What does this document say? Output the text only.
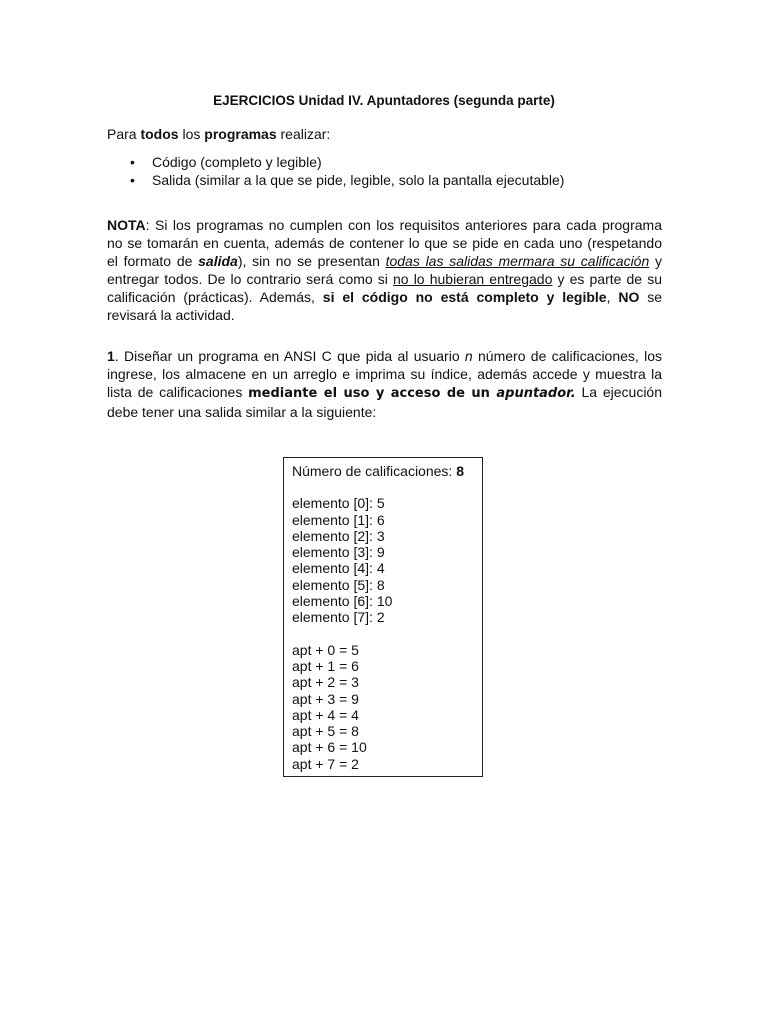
EJERCICIOS Unidad IV. Apuntadores (segunda parte)
Para todos los programas realizar:
• Código (completo y legible)
• Salida (similar a la que se pide, legible, solo la pantalla ejecutable)
NOTA: Si los programas no cumplen con los requisitos anteriores para cada programa no se tomarán en cuenta, además de contener lo que se pide en cada uno (respetando el formato de salida), sin no se presentan todas las salidas mermara su calificación y entregar todos. De lo contrario será como si no lo hubieran entregado y es parte de su calificación (prácticas). Además, si el código no está completo y legible, NO se revisará la actividad.
1. Diseñar un programa en ANSI C que pida al usuario n número de calificaciones, los ingrese, los almacene en un arreglo e imprima su índice, además accede y muestra la lista de calificaciones mediante el uso y acceso de un apuntador. La ejecución debe tener una salida similar a la siguiente:
Número de calificaciones: 8
elemento [0]: 5
elemento [1]: 6
elemento [2]: 3
elemento [3]: 9
elemento [4]: 4
elemento [5]: 8
elemento [6]: 10
elemento [7]: 2
apt + 0 = 5
apt + 1 = 6
apt + 2 = 3
apt + 3 = 9
apt + 4 = 4
apt + 5 = 8
apt + 6 = 10
apt + 7 = 2
